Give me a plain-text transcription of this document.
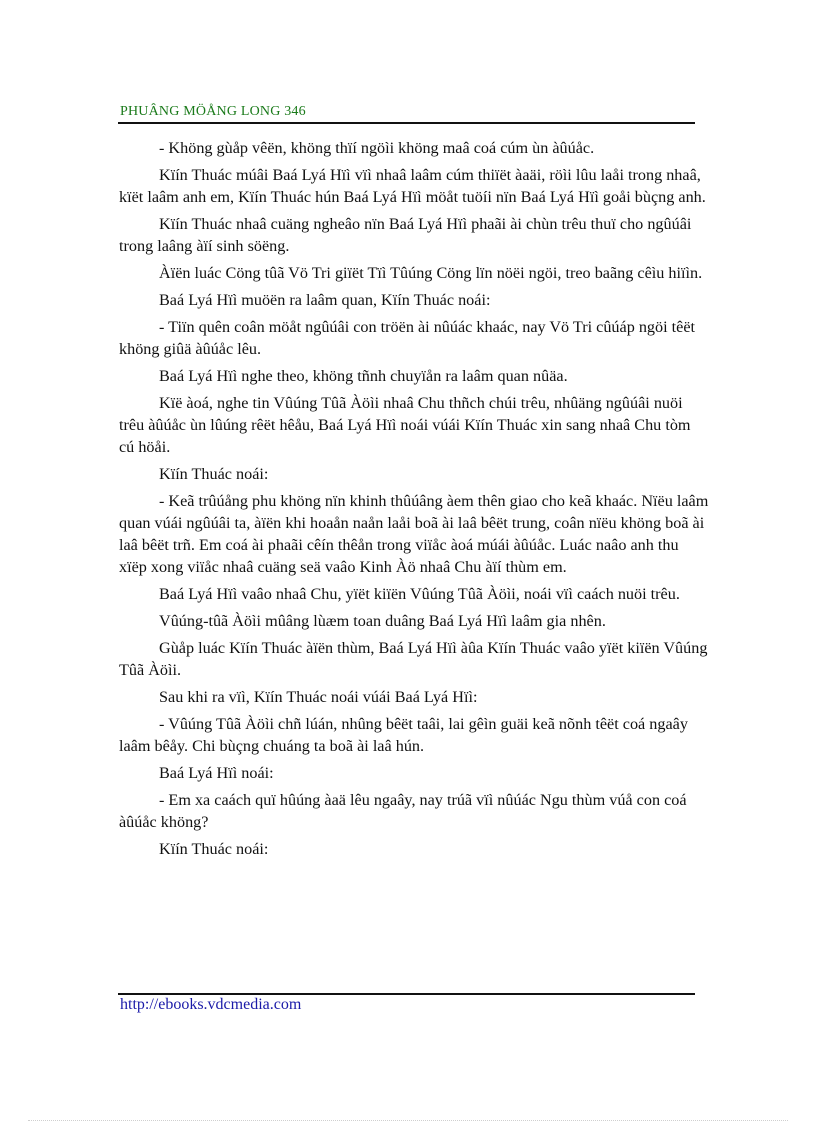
PHUÂNG MÖÅNG LONG 346

- Khöng gùåp vêën, khöng thïí ngöìi khöng maâ coá cúm ùn àûúåc.

Kïín Thuác múâi Baá Lyá Hïì vïì nhaâ laâm cúm thiïët àaäi, röìi lûu laåi trong nhaâ, kïët laâm anh em, Kïín Thuác hún Baá Lyá Hïì möåt tuöíi nïn Baá Lyá Hïì goåi bùçng anh.

Kïín Thuác nhaâ cuäng ngheâo nïn Baá Lyá Hïì phaãi ài chùn trêu thuï cho ngûúâi trong laâng àïí sinh söëng.

Àïën luác Cöng tûã Vö Tri giïët Tïì Tûúng Cöng lïn nöëi ngöi, treo baãng cêìu hiïìn.

Baá Lyá Hïì muöën ra laâm quan, Kïín Thuác noái:

- Tiïn quên coân möåt ngûúâi con tröën ài nûúác khaác, nay Vö Tri cûúáp ngöi têët khöng giûä àûúåc lêu.

Baá Lyá Hïì nghe theo, khöng tñnh chuyïån ra laâm quan nûäa.

Kïë àoá, nghe tin Vûúng Tûã Àöìi nhaâ Chu thñch chúi trêu, nhûäng ngûúâi nuöi trêu àûúåc ùn lûúng rêët hêåu, Baá Lyá Hïì noái vúái Kïín Thuác xin sang nhaâ Chu tòm cú höåi.

Kïín Thuác noái:

- Keã trûúång phu khöng nïn khinh thûúâng àem thên giao cho keã khaác. Nïëu laâm quan vúái ngûúâi ta, àïën khi hoaån naån laåi boã ài laâ bêët trung, coân nïëu khöng boã ài laâ bêët trñ. Em coá ài phaãi cêín thêån trong viïåc àoá múái àûúåc. Luác naâo anh thu xïëp xong viïåc nhaâ cuäng seä vaâo Kinh Àö nhaâ Chu àïí thùm em.

Baá Lyá Hïì vaâo nhaâ Chu, yïët kiïën Vûúng Tûã Àöìi, noái vïì caách nuöi trêu.

Vûúng-tûã Àöìi mûâng lùæm toan duâng Baá Lyá Hïì laâm gia nhên.

Gùåp luác Kïín Thuác àïën thùm, Baá Lyá Hïì àûa Kïín Thuác vaâo yïët kiïën Vûúng Tûã Àöìi.

Sau khi ra vïì, Kïín Thuác noái vúái Baá Lyá Hïì:

- Vûúng Tûã Àöìi chñ lúán, nhûng bêët taâi, lai gêìn guäi keã nõnh têët coá ngaây laâm bêåy. Chi bùçng chuáng ta boã ài laâ hún.

Baá Lyá Hïì noái:

- Em xa caách quï hûúng àaä lêu ngaây, nay trúã vïì nûúác Ngu thùm vúå con coá àûúåc khöng?

Kïín Thuác noái:

http://ebooks.vdcmedia.com
